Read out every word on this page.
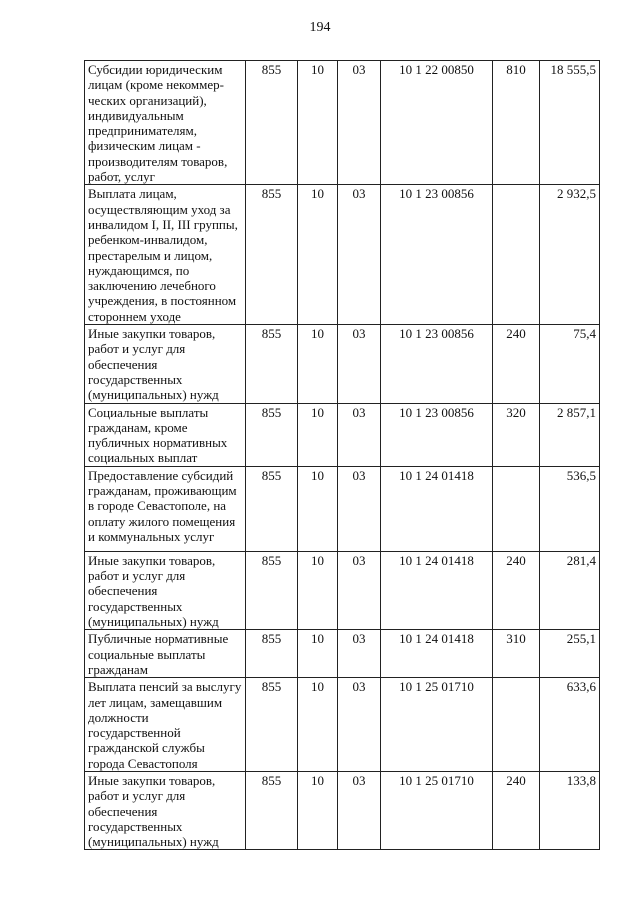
194
Субсидии юридическим лицам (кроме некоммер-ческих организаций), индивидуальным предпринимателям, физическим лицам - производителям товаров, работ, услуг	855	10	03	10 1 22 00850	810	18 555,5
Выплата лицам, осуществляющим уход за инвалидом I, II, III группы, ребенком-инвалидом, престарелым и лицом, нуждающимся, по заключению лечебного учреждения, в постоянном стороннем уходе	855	10	03	10 1 23 00856		2 932,5
Иные закупки товаров, работ и услуг для обеспечения государственных (муниципальных) нужд	855	10	03	10 1 23 00856	240	75,4
Социальные выплаты гражданам, кроме публичных нормативных социальных выплат	855	10	03	10 1 23 00856	320	2 857,1
Предоставление субсидий гражданам, проживающим в городе Севастополе, на оплату жилого помещения и коммунальных услуг	855	10	03	10 1 24 01418		536,5
Иные закупки товаров, работ и услуг для обеспечения государственных (муниципальных) нужд	855	10	03	10 1 24 01418	240	281,4
Публичные нормативные социальные выплаты гражданам	855	10	03	10 1 24 01418	310	255,1
Выплата пенсий за выслугу лет лицам, замещавшим должности государственной гражданской службы города Севастополя	855	10	03	10 1 25 01710		633,6
Иные закупки товаров, работ и услуг для обеспечения государственных (муниципальных) нужд	855	10	03	10 1 25 01710	240	133,8
